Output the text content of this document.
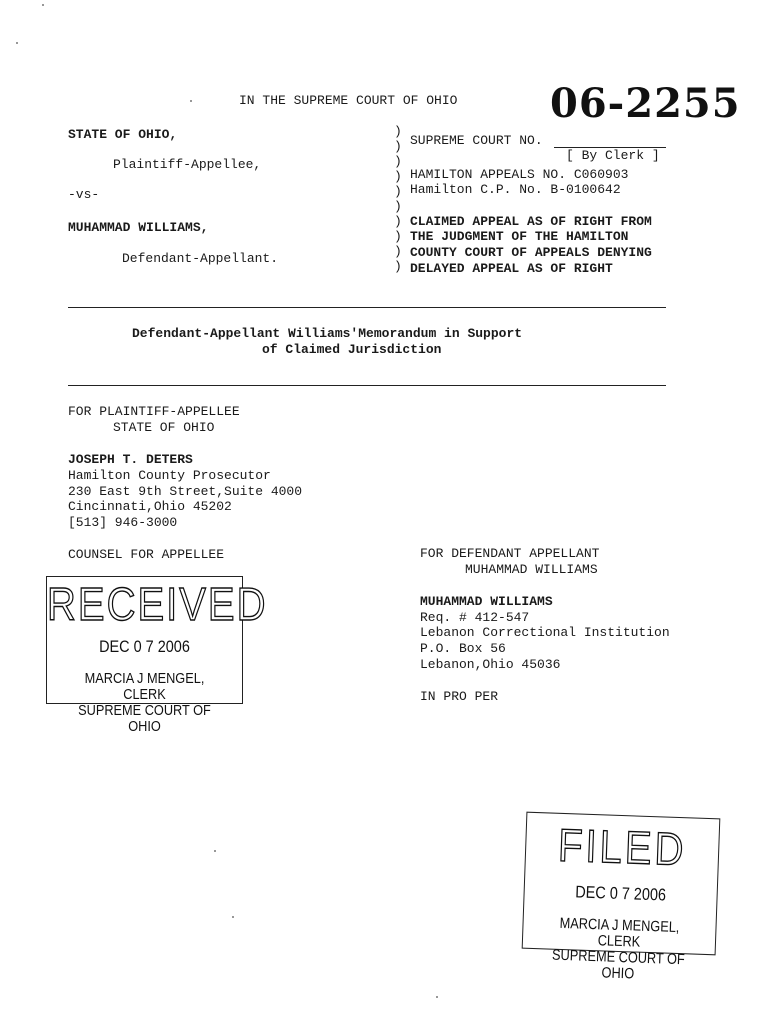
IN THE SUPREME COURT OF OHIO 06-2255
STATE OF OHIO,
Plaintiff-Appellee,
-vs-
MUHAMMAD WILLIAMS,
Defendant-Appellant.
)
)
)
)
)
)
)
)
)
)
SUPREME COURT NO.
[ By Clerk ]
HAMILTON APPEALS NO. C060903
Hamilton C.P. No. B-0100642
CLAIMED APPEAL AS OF RIGHT FROM
THE JUDGMENT OF THE HAMILTON
COUNTY COURT OF APPEALS DENYING
DELAYED APPEAL AS OF RIGHT
Defendant-Appellant Williams'Memorandum in Support
of Claimed Jurisdiction
FOR PLAINTIFF-APPELLEE
STATE OF OHIO
JOSEPH T. DETERS
Hamilton County Prosecutor
230 East 9th Street,Suite 4000
Cincinnati,Ohio 45202
[513] 946-3000
COUNSEL FOR APPELLEE	FOR DEFENDANT APPELLANT
MUHAMMAD WILLIAMS
MUHAMMAD WILLIAMS
Req. # 412-547
Lebanon Correctional Institution
P.O. Box 56
Lebanon,Ohio 45036
IN PRO PER
RECEIVED
DEC 0 7 2006
MARCIA J MENGEL, CLERK
SUPREME COURT OF OHIO
FILED
DEC 0 7 2006
MARCIA J MENGEL, CLERK
SUPREME COURT OF OHIO
